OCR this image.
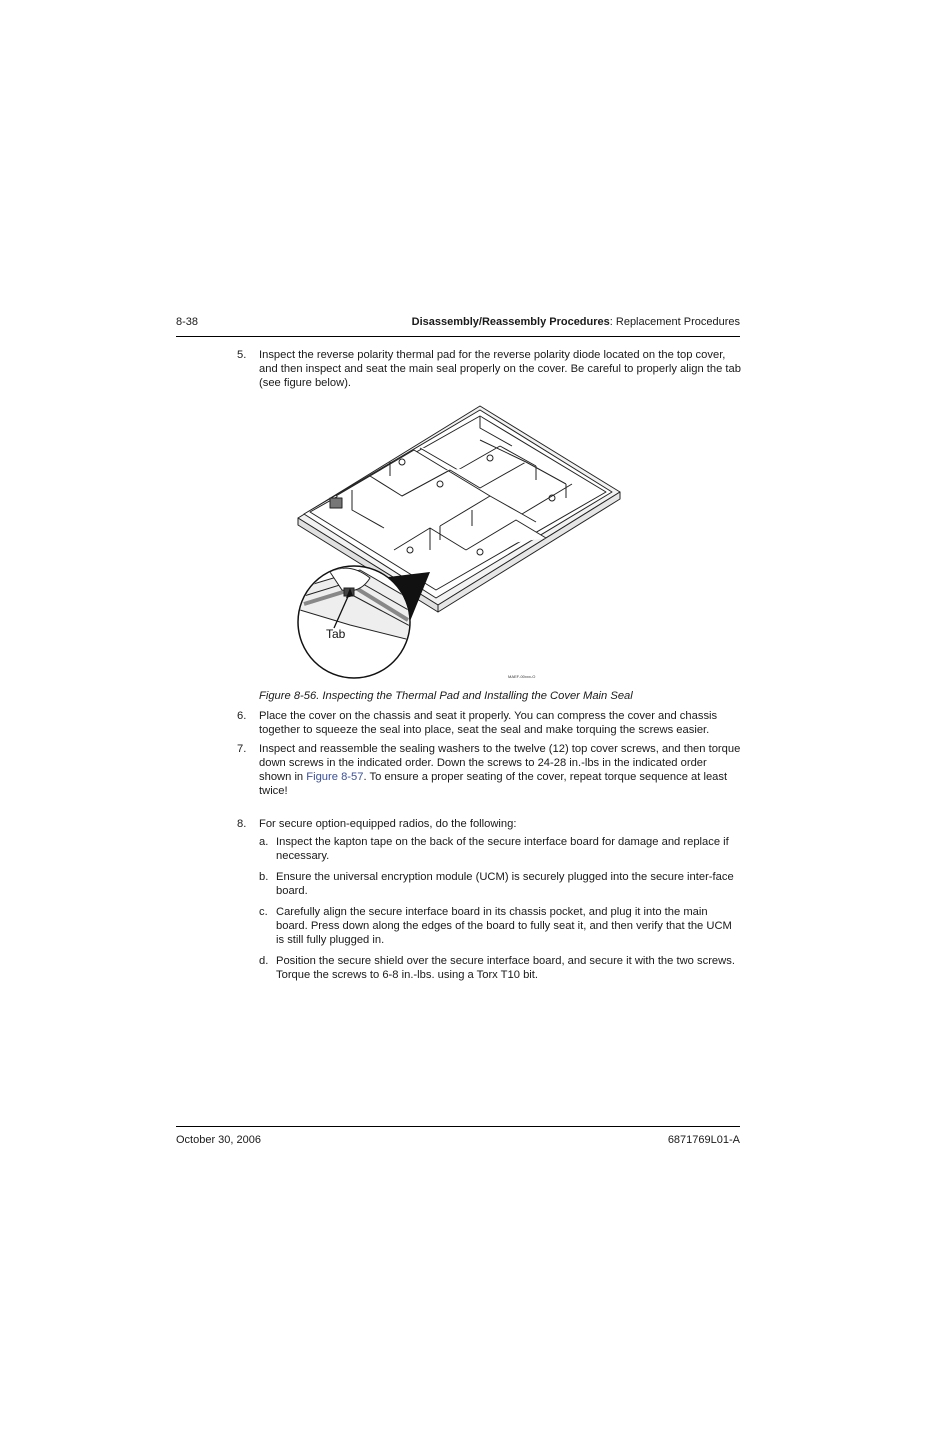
8-38	Disassembly/Reassembly Procedures: Replacement Procedures
5. Inspect the reverse polarity thermal pad for the reverse polarity diode located on the top cover, and then inspect and seat the main seal properly on the cover. Be careful to properly align the tab (see figure below).
Tab
MAEF-00xxx-O
Figure 8-56. Inspecting the Thermal Pad and Installing the Cover Main Seal
6. Place the cover on the chassis and seat it properly. You can compress the cover and chassis together to squeeze the seal into place, seat the seal and make torquing the screws easier.
7. Inspect and reassemble the sealing washers to the twelve (12) top cover screws, and then torque down screws in the indicated order. Down the screws to 24-28 in.-lbs in the indicated order shown in Figure 8-57. To ensure a proper seating of the cover, repeat torque sequence at least twice!
8. For secure option-equipped radios, do the following:
a. Inspect the kapton tape on the back of the secure interface board for damage and replace if necessary.
b. Ensure the universal encryption module (UCM) is securely plugged into the secure inter-face board.
c. Carefully align the secure interface board in its chassis pocket, and plug it into the main board. Press down along the edges of the board to fully seat it, and then verify that the UCM is still fully plugged in.
d. Position the secure shield over the secure interface board, and secure it with the two screws. Torque the screws to 6-8 in.-lbs. using a Torx T10 bit.
October 30, 2006	6871769L01-A
